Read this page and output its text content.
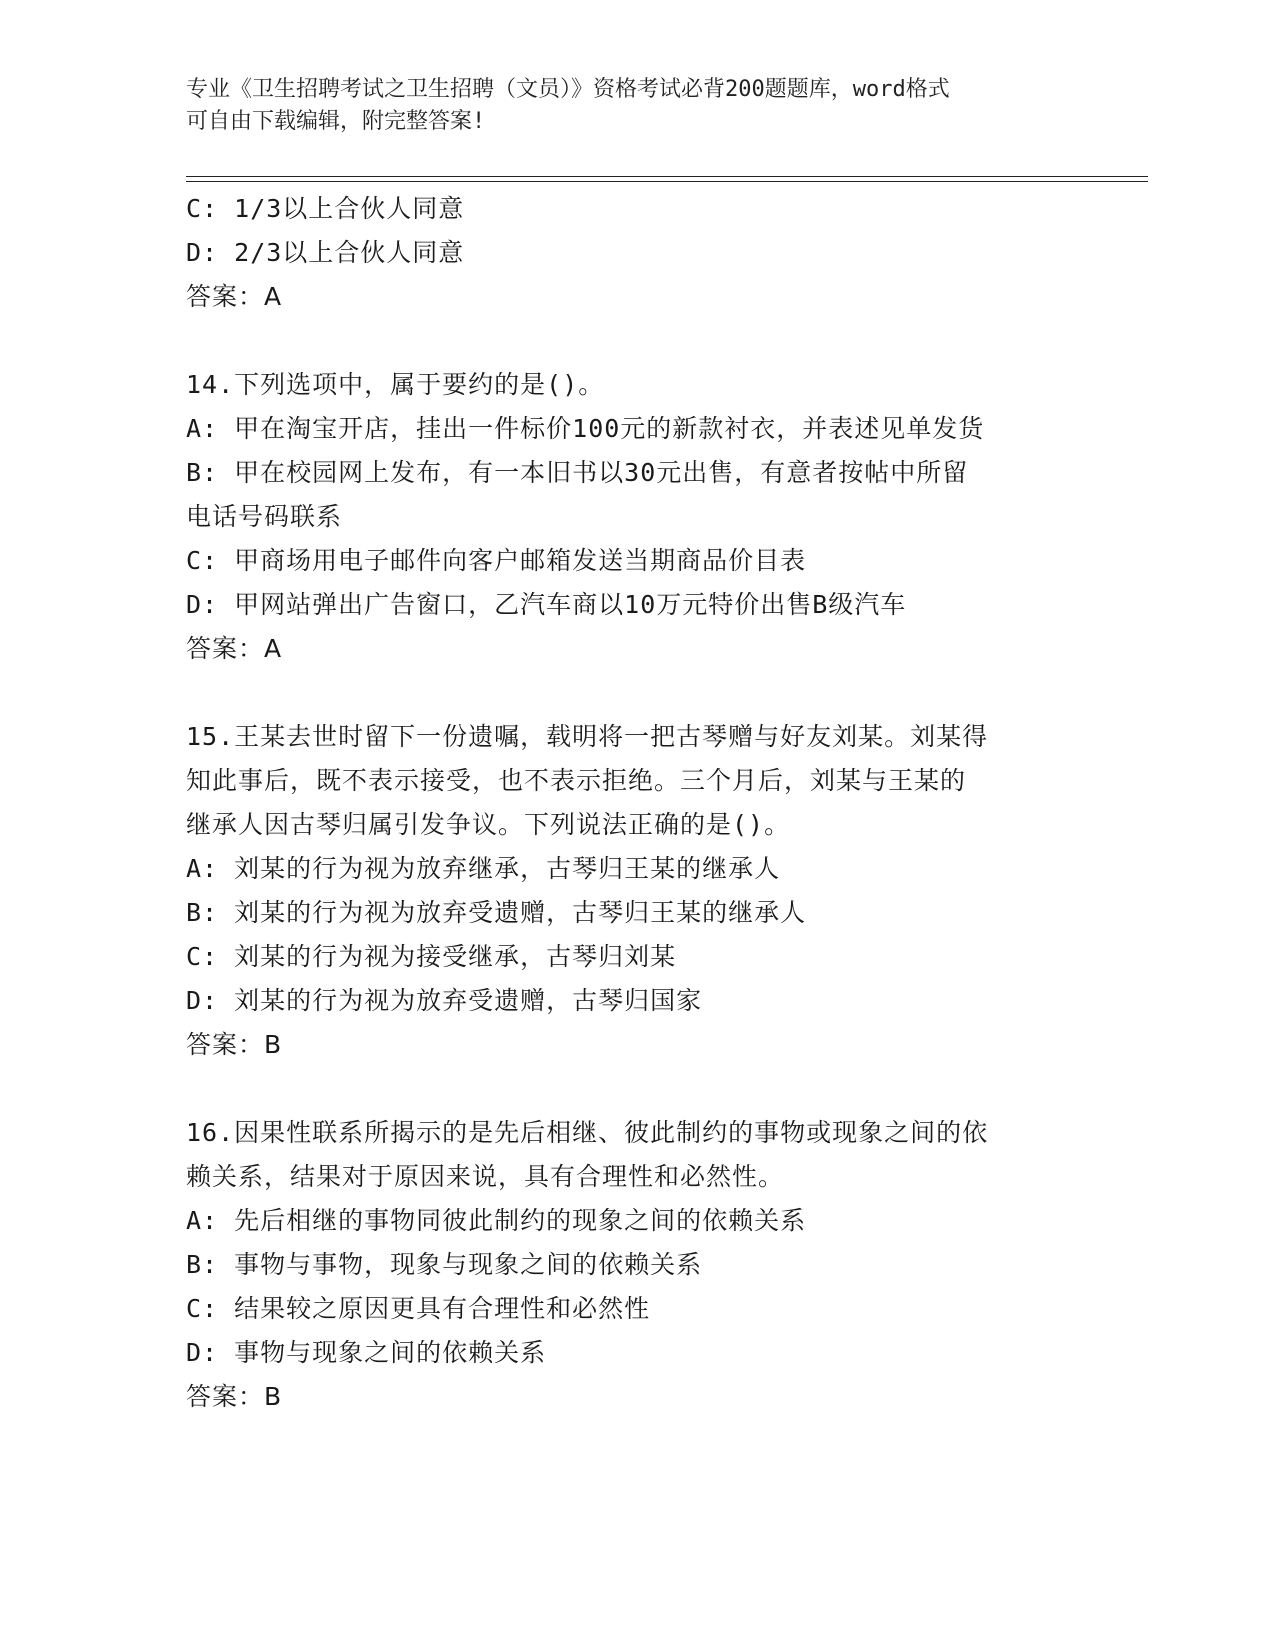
专业《卫生招聘考试之卫生招聘（文员）》资格考试必背200题题库，word格式
可自由下载编辑，附完整答案!
C: 1/3以上合伙人同意
D: 2/3以上合伙人同意
答案：A
14.下列选项中，属于要约的是()。
A: 甲在淘宝开店，挂出一件标价100元的新款衬衣，并表述见单发货
B: 甲在校园网上发布，有一本旧书以30元出售，有意者按帖中所留
电话号码联系
C: 甲商场用电子邮件向客户邮箱发送当期商品价目表
D: 甲网站弹出广告窗口，乙汽车商以10万元特价出售B级汽车
答案：A
15.王某去世时留下一份遗嘱，载明将一把古琴赠与好友刘某。刘某得
知此事后，既不表示接受，也不表示拒绝。三个月后，刘某与王某的
继承人因古琴归属引发争议。下列说法正确的是()。
A: 刘某的行为视为放弃继承，古琴归王某的继承人
B: 刘某的行为视为放弃受遗赠，古琴归王某的继承人
C: 刘某的行为视为接受继承，古琴归刘某
D: 刘某的行为视为放弃受遗赠，古琴归国家
答案：B
16.因果性联系所揭示的是先后相继、彼此制约的事物或现象之间的依
赖关系，结果对于原因来说，具有合理性和必然性。
A: 先后相继的事物同彼此制约的现象之间的依赖关系
B: 事物与事物，现象与现象之间的依赖关系
C: 结果较之原因更具有合理性和必然性
D: 事物与现象之间的依赖关系
答案：B
